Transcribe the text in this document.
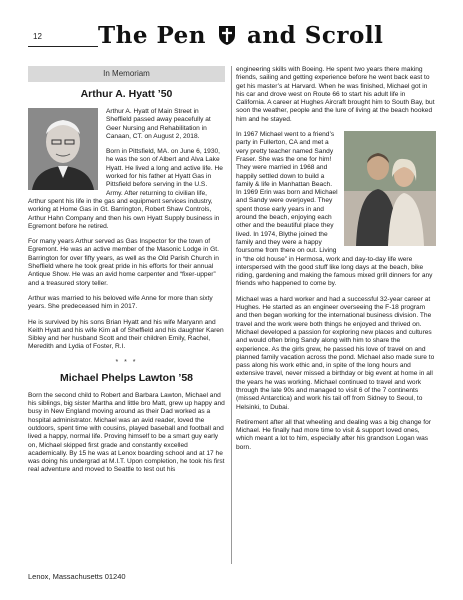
12 The Pen and Scroll
In Memoriam
Arthur A. Hyatt ’50

Arthur A. Hyatt of Main Street in Sheffield passed away peacefully at Geer Nursing and Rehabilitation in Canaan, CT. on August 2, 2018.

Born in Pittsfield, MA. on June 6, 1930, he was the son of Albert and Alva Lake Hyatt. He lived a long and active life. He worked for his father at Hyatt Gas in Pittsfield before serving in the U.S. Army. After returning to civilian life, Arthur spent his life in the gas and equipment services industry, working at Home Gas in Gt. Barrington, Robert Shaw Controls, Arthur Hahn Company and then his own Hyatt Supply business in Egremont before he retired.

For many years Arthur served as Gas Inspector for the town of Egremont. He was an active member of the Masonic Lodge in Gt. Barrington for over fifty years, as well as the Old Parish Church in Sheffield where he took great pride in his efforts for their annual Antique Show. He was an avid home carpenter and “fixer-upper” and a treasured story teller.

Arthur was married to his beloved wife Anne for more than sixty years. She predeceased him in 2017.

He is survived by his sons Brian Hyatt and his wife Maryann and Keith Hyatt and his wife Kim all of Sheffield and his daughter Karen Sibley and her husband Scott and their children Emily, Rachel, Meredith and Lydia of Foster, R.I.

* * *
Michael Phelps Lawton ’58

Born the second child to Robert and Barbara Lawton, Michael and his siblings, big sister Martha and little bro Matt, grew up happy and busy in New England moving around as their Dad worked as a hospital administrator. Michael was an avid reader, loved the outdoors, spent time with cousins, played baseball and football and lived a happy, normal life. Proving himself to be a smart guy early on, Michael skipped first grade and constantly excelled academically. By 15 he was at Lenox boarding school and at 17 he was doing his undergrad at M.I.T. Upon completion, he took his first real adventure and moved to Seattle to test out his

engineering skills with Boeing. He spent two years there making friends, sailing and getting experience before he went back east to get his master’s at Harvard. When he was finished, Michael got in his car and drove west on Route 66 to start his adult life in California. A career at Hughes Aircraft brought him to South Bay, but soon the weather, people and the lure of living at the beach hooked him and he stayed.

In 1967 Michael went to a friend’s party in Fullerton, CA and met a very pretty teacher named Sandy Fraser. She was the one for him! They were married in 1968 and happily settled down to build a family & life in Manhattan Beach. In 1969 Erin was born and Michael and Sandy were overjoyed. They spent those early years in and around the beach, enjoying each other and the beautiful place they lived. In 1974, Blythe joined the family and they were a happy foursome from there on out. Living in “the old house” in Hermosa, work and day-to-day life were interspersed with the good stuff like long days at the beach, bike riding, gardening and making the famous mixed grill dinners for any friends who happened to come by.

Michael was a hard worker and had a successful 32-year career at Hughes. He started as an engineer overseeing the F-18 program and then began working for the international business division. The travel and the work were both things he enjoyed and thrived on. Michael developed a passion for exploring new places and cultures and would often bring Sandy along with him to share the experience. As the girls grew, he passed his love of travel on and planned family vacation across the pond. Michael also made sure to pass along his work ethic and, in spite of the long hours and extensive travel, never missed a birthday or big event at home in all the years he was working. Michael continued to travel and work through the late 90s and managed to visit 6 of the 7 continents (missed Antarctica) and work his tail off from Sidney to Seoul, to Helsinki, to Dubai.

Retirement after all that wheeling and dealing was a big change for Michael. He finally had more time to visit & support loved ones, which meant a lot to him, especially after his grandson Logan was born.

Lenox, Massachusetts 01240
